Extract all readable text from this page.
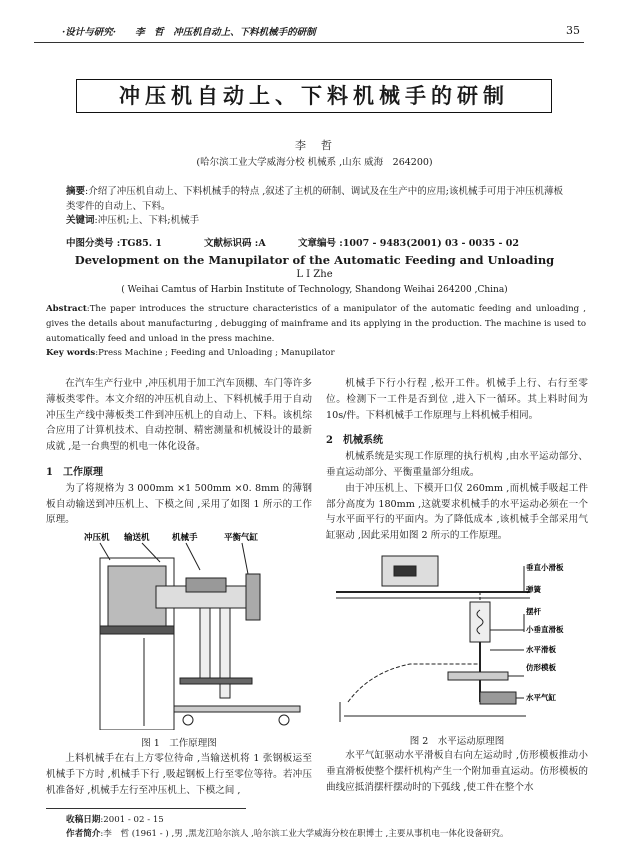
·设计与研究·　　李　哲　冲压机自动上、下料机械手的研制	35
冲压机自动上、下料机械手的研制
李　哲
(哈尔滨工业大学威海分校 机械系 ,山东 威海　264200)
摘要:介绍了冲压机自动上、下料机械手的特点 ,叙述了主机的研制、调试及在生产中的应用;该机械手可用于冲压机薄板类零件的自动上、下料。
关键词:冲压机;上、下料;机械手
中图分类号 :TG85. 1	文献标识码 :A	文章编号 :1007 - 9483(2001) 03 - 0035 - 02
Development on the Manupilator of the Automatic Feeding and Unloading
L I Zhe
( Weihai Camtus of Harbin Institute of Technology, Shandong Weihai 264200 ,China)
Abstract:The paper introduces the structure characteristics of a manipulator of the automatic feeding and unloading , gives the details about manufacturing , debugging of mainframe and its applying in the production. The machine is used to automatically feed and unload in the press machine.
Key words:Press Machine ; Feeding and Unloading ; Manupilator

在汽车生产行业中 ,冲压机用于加工汽车顶棚、车门等许多薄板类零件。本文介绍的冲压机自动上、下料机械手用于自动冲压生产线中薄板类工件到冲压机上的自动上、下料。该机综合应用了计算机技术、自动控制、精密测量和机械设计的最新成就 ,是一台典型的机电一体化设备。

1　工作原理

为了将规格为 3 000mm ×1 500mm ×0. 8mm 的薄钢板自动输送到冲压机上、下模之间 ,采用了如图 1 所示的工作原理。

冲压机 输送机	机械手	平衡气缸
图 1　工作原理图

上料机械手在右上方零位待命 ,当输送机将 1 张钢板运至机械手下方时 ,机械手下行 ,吸起钢板上行至零位等待。若冲压机准备好 ,机械手左行至冲压机上、下模之间 ,

机械手下行小行程 ,松开工件。机械手上行、右行至零位。检测下一工件是否到位 ,进入下一循环。其上料时间为 10s/件。下料机械手工作原理与上料机械手相同。

2　机械系统

机械系统是实现工作原理的执行机构 ,由水平运动部分、垂直运动部分、平衡重量部分组成。

由于冲压机上、下模开口仅 260mm ,而机械手吸起工件部分高度为 180mm ,这就要求机械手的水平运动必须在一个与水平面平行的平面内。为了降低成本 ,该机械手全部采用气缸驱动 ,因此采用如图 2 所示的工作原理。

垂直小滑板
弹簧
摆杆
小垂直滑板
水平滑板
仿形模板
水平气缸
图 2　水平运动原理图

水平气缸驱动水平滑板自右向左运动时 ,仿形模板推动小垂直滑板使整个摆杆机构产生一个附加垂直运动。仿形模板的曲线应抵消摆杆摆动时的下弧线 ,使工件在整个水

收稿日期:2001 - 02 - 15
作者简介:李　哲 (1961 - ) ,男 ,黑龙江哈尔滨人 ,哈尔滨工业大学威海分校在职博士 ,主要从事机电一体化设备研究。
